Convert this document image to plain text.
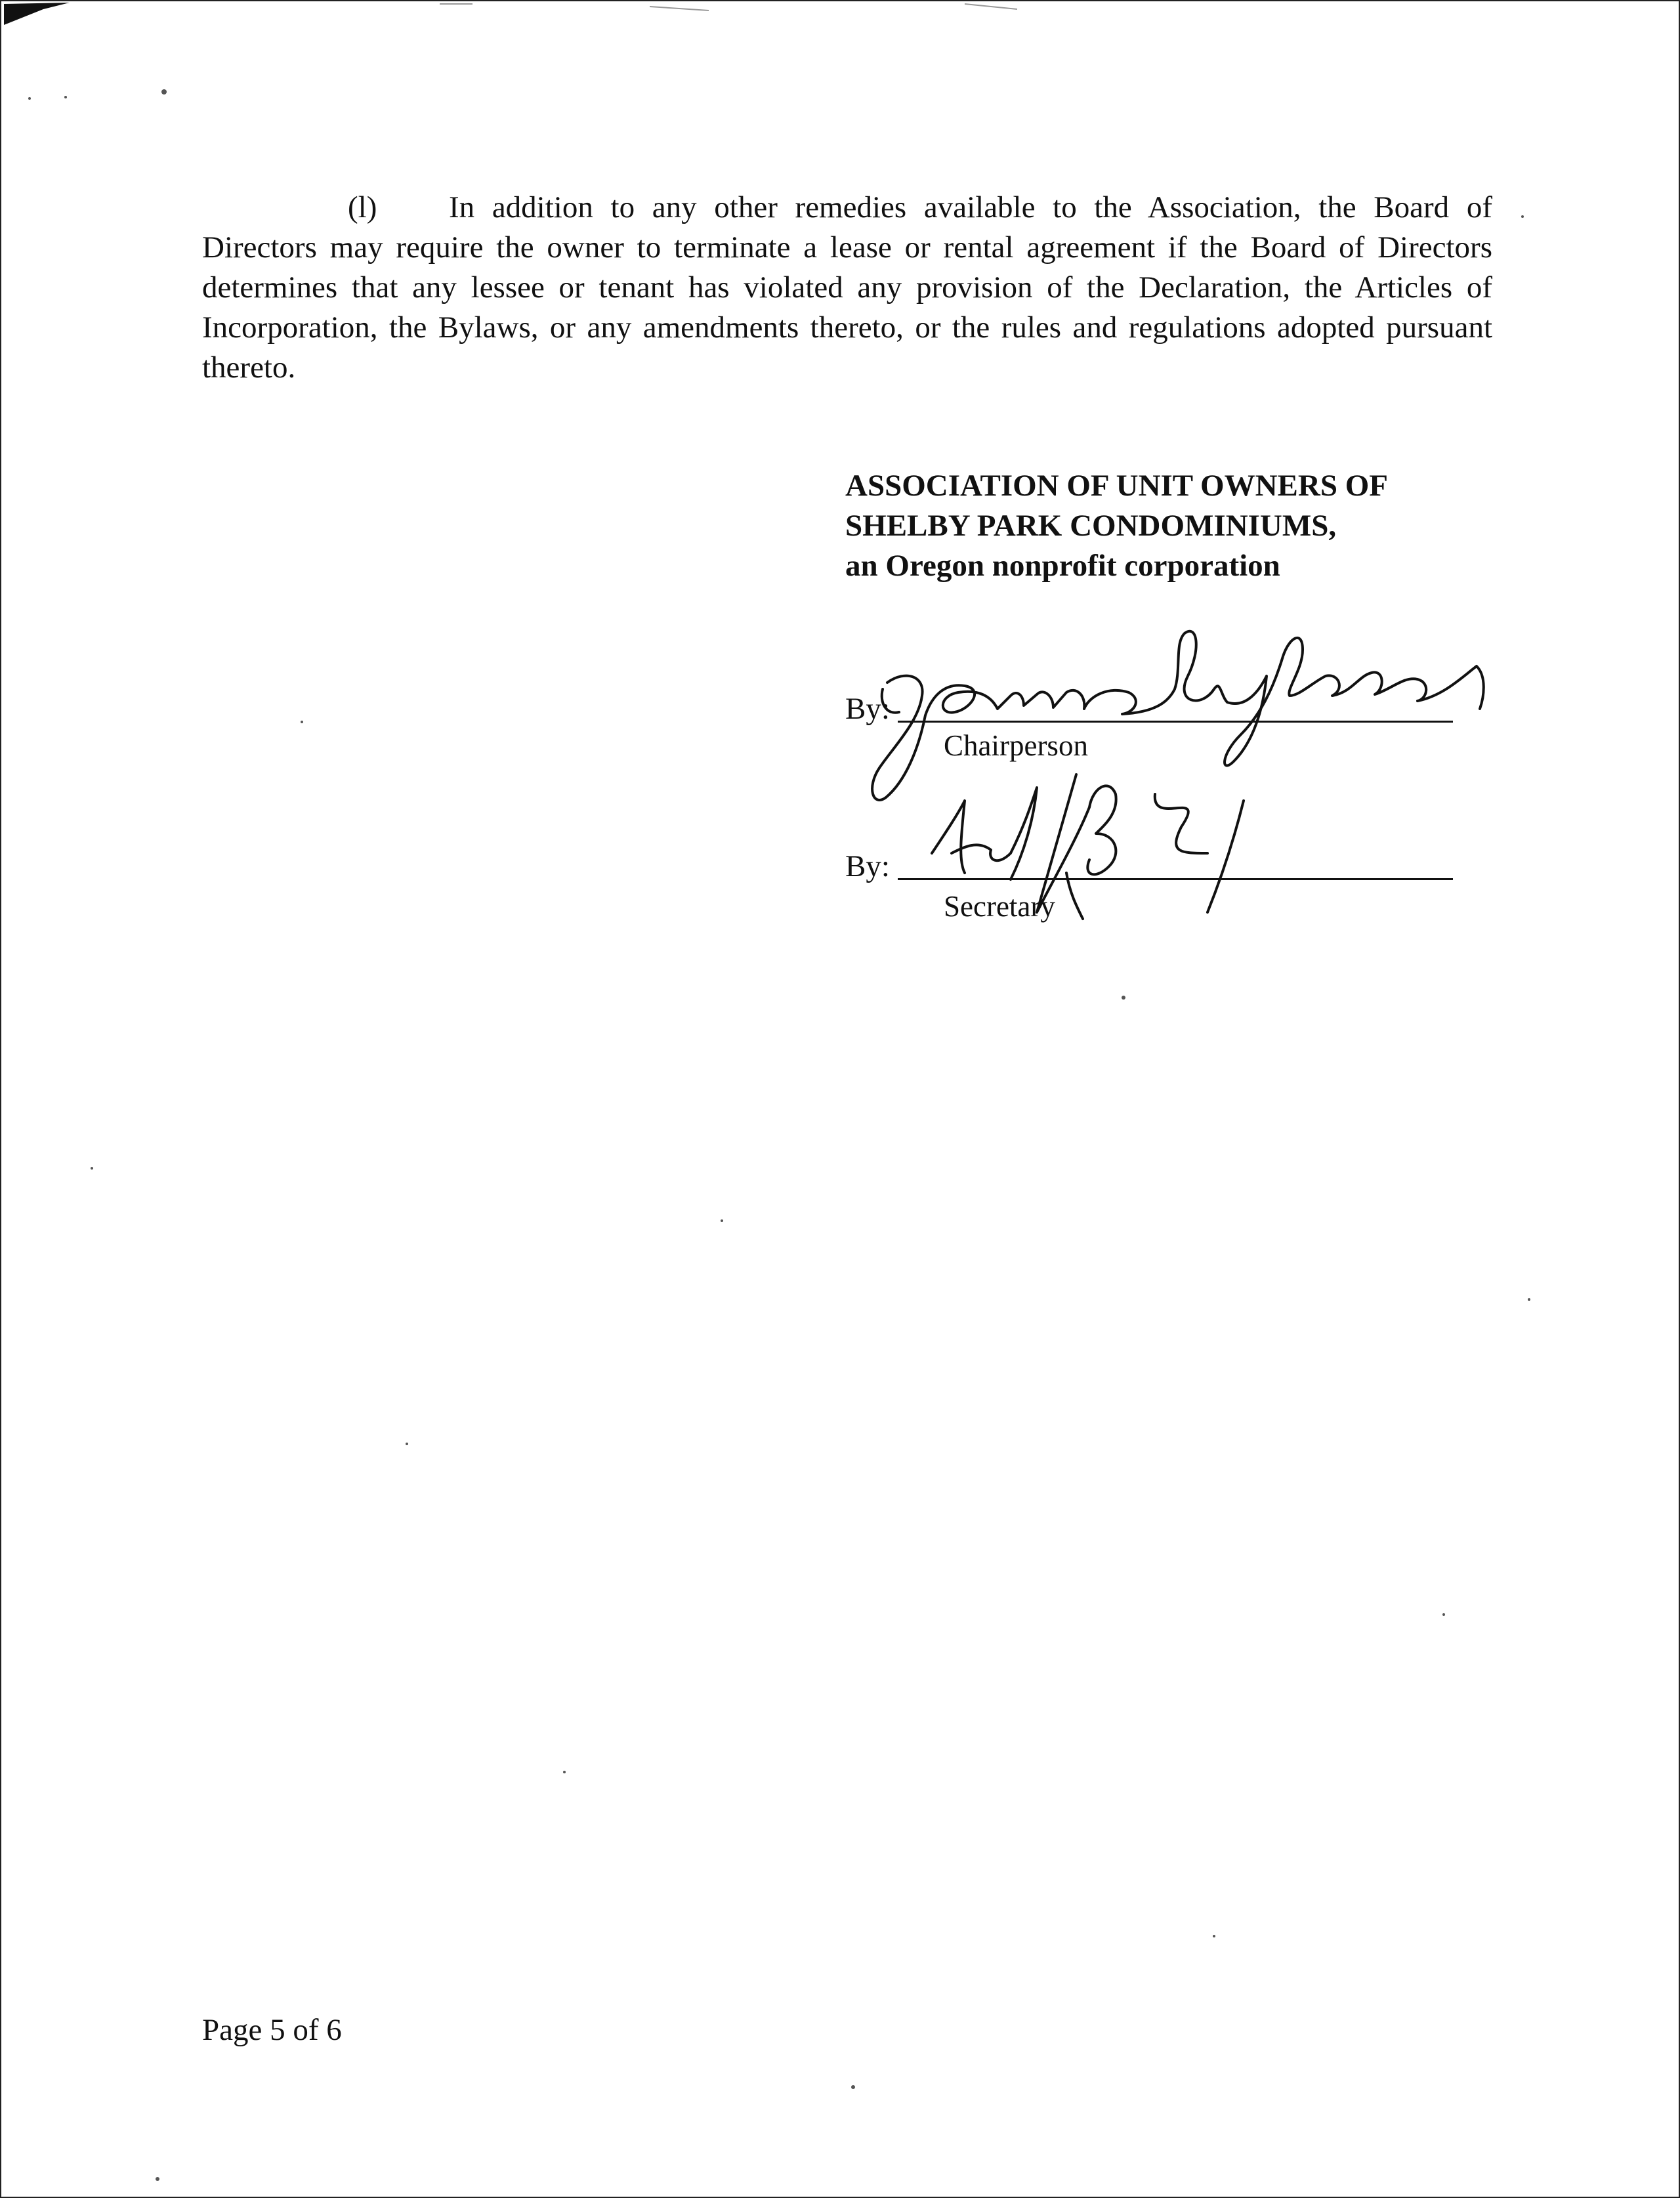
(l) In addition to any other remedies available to the Association, the Board of Directors may require the owner to terminate a lease or rental agreement if the Board of Directors determines that any lessee or tenant has violated any provision of the Declaration, the Articles of Incorporation, the Bylaws, or any amendments thereto, or the rules and regulations adopted pursuant thereto.
ASSOCIATION OF UNIT OWNERS OF
SHELBY PARK CONDOMINIUMS,
an Oregon nonprofit corporation
By:
Chairperson
By:
Secretary
Page 5 of 6
